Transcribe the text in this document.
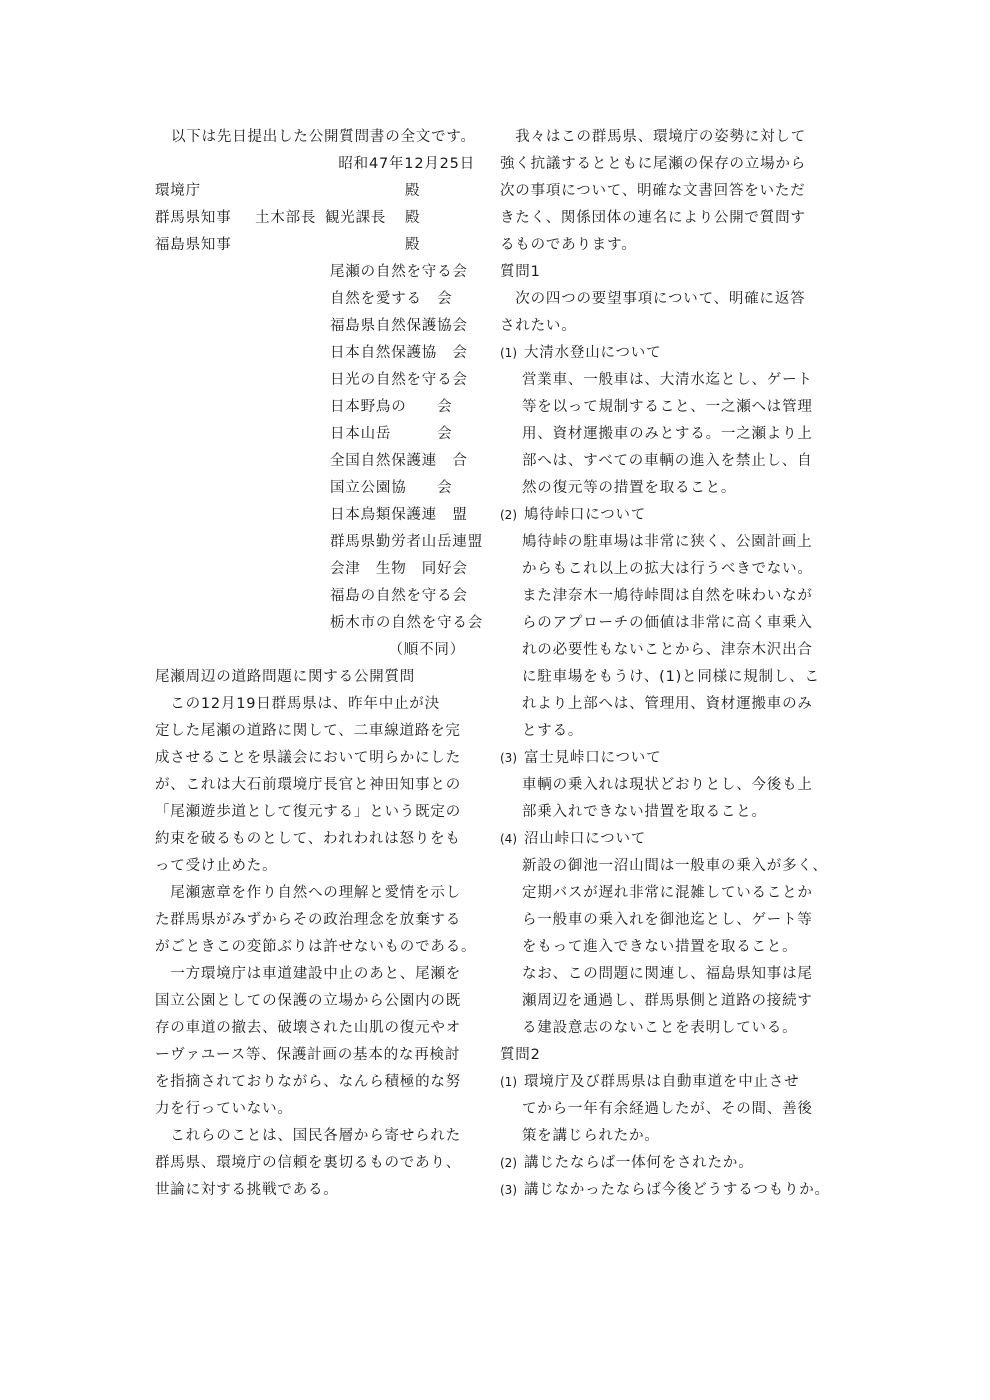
以下は先日提出した公開質問書の全文です。
昭和47年12月25日
環境庁	殿
群馬県知事	土木部長 観光課長	殿
福島県知事	殿
尾瀬の自然を守る会
自然を愛する　会
福島県自然保護協会
日本自然保護協　会
日光の自然を守る会
日本野鳥の　　会
日本山岳　　　会
全国自然保護連　合
国立公園協　　会
日本鳥類保護連　盟
群馬県勤労者山岳連盟
会津　生物　同好会
福島の自然を守る会
栃木市の自然を守る会
（順不同）
尾瀬周辺の道路問題に関する公開質問
　この12月19日群馬県は、昨年中止が決
定した尾瀬の道路に関して、二車線道路を完
成させることを県議会において明らかにした
が、これは大石前環境庁長官と神田知事との
「尾瀬遊歩道として復元する」という既定の
約束を破るものとして、われわれは怒りをも
って受け止めた。
　尾瀬憲章を作り自然への理解と愛情を示し
た群馬県がみずからその政治理念を放棄する
がごときこの変節ぶりは許せないものである。
　一方環境庁は車道建設中止のあと、尾瀬を
国立公園としての保護の立場から公園内の既
存の車道の撤去、破壊された山肌の復元やオ
ーヴァユース等、保護計画の基本的な再検討
を指摘されておりながら、なんら積極的な努
力を行っていない。
　これらのことは、国民各層から寄せられた
群馬県、環境庁の信頼を裏切るものであり、
世論に対する挑戦である。
　我々はこの群馬県、環境庁の姿勢に対して
強く抗議するとともに尾瀬の保存の立場から
次の事項について、明確な文書回答をいただ
きたく、関係団体の連名により公開で質問す
るものであります。
質問1
　次の四つの要望事項について、明確に返答
されたい。
(1) 大清水登山について
営業車、一般車は、大清水迄とし、ゲート
等を以って規制すること、一之瀬へは管理
用、資材運搬車のみとする。一之瀬より上
部へは、すべての車輌の進入を禁止し、自
然の復元等の措置を取ること。
(2) 鳩待峠口について
鳩待峠の駐車場は非常に狭く、公園計画上
からもこれ以上の拡大は行うべきでない。
また津奈木一鳩待峠間は自然を味わいなが
らのアプローチの価値は非常に高く車乗入
れの必要性もないことから、津奈木沢出合
に駐車場をもうけ、(1)と同様に規制し、こ
れより上部へは、管理用、資材運搬車のみ
とする。
(3) 富士見峠口について
車輌の乗入れは現状どおりとし、今後も上
部乗入れできない措置を取ること。
(4) 沼山峠口について
新設の御池一沼山間は一般車の乗入が多く、
定期バスが遅れ非常に混雑していることか
ら一般車の乗入れを御池迄とし、ゲート等
をもって進入できない措置を取ること。
なお、この問題に関連し、福島県知事は尾
瀬周辺を通過し、群馬県側と道路の接続す
る建設意志のないことを表明している。
質問2
(1) 環境庁及び群馬県は自動車道を中止させ
てから一年有余経過したが、その間、善後
策を講じられたか。
(2) 講じたならば一体何をされたか。
(3) 講じなかったならば今後どうするつもりか。
